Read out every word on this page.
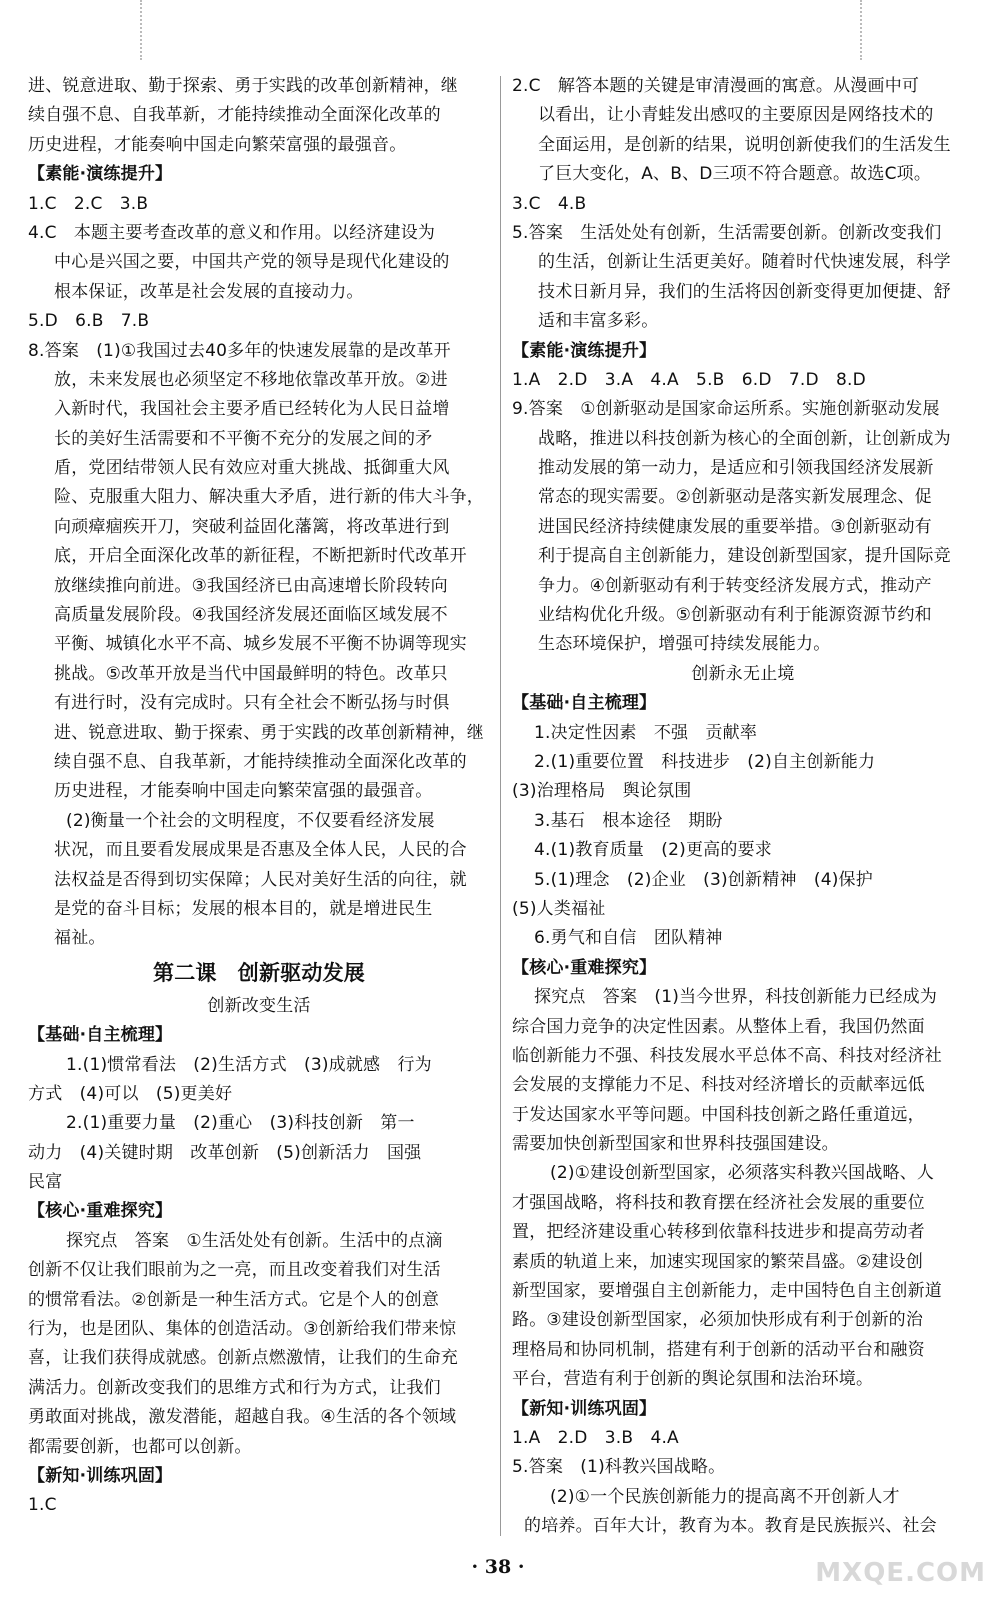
进、锐意进取、勤于探索、勇于实践的改革创新精神，继
续自强不息、自我革新，才能持续推动全面深化改革的
历史进程，才能奏响中国走向繁荣富强的最强音。
【素能·演练提升】
1.C　2.C　3.B
4.C　本题主要考查改革的意义和作用。以经济建设为
中心是兴国之要，中国共产党的领导是现代化建设的
根本保证，改革是社会发展的直接动力。
5.D　6.B　7.B
8.答案　(1)①我国过去40多年的快速发展靠的是改革开
放，未来发展也必须坚定不移地依靠改革开放。②进
入新时代，我国社会主要矛盾已经转化为人民日益增
长的美好生活需要和不平衡不充分的发展之间的矛
盾，党团结带领人民有效应对重大挑战、抵御重大风
险、克服重大阻力、解决重大矛盾，进行新的伟大斗争，
向顽瘴痼疾开刀，突破利益固化藩篱，将改革进行到
底，开启全面深化改革的新征程，不断把新时代改革开
放继续推向前进。③我国经济已由高速增长阶段转向
高质量发展阶段。④我国经济发展还面临区域发展不
平衡、城镇化水平不高、城乡发展不平衡不协调等现实
挑战。⑤改革开放是当代中国最鲜明的特色。改革只
有进行时，没有完成时。只有全社会不断弘扬与时俱
进、锐意进取、勤于探索、勇于实践的改革创新精神，继
续自强不息、自我革新，才能持续推动全面深化改革的
历史进程，才能奏响中国走向繁荣富强的最强音。
(2)衡量一个社会的文明程度，不仅要看经济发展
状况，而且要看发展成果是否惠及全体人民，人民的合
法权益是否得到切实保障；人民对美好生活的向往，就
是党的奋斗目标；发展的根本目的，就是增进民生
福祉。
第二课　创新驱动发展
创新改变生活
【基础·自主梳理】
1.(1)惯常看法　(2)生活方式　(3)成就感　行为
方式　(4)可以　(5)更美好
2.(1)重要力量　(2)重心　(3)科技创新　第一
动力　(4)关键时期　改革创新　(5)创新活力　国强
民富
【核心·重难探究】
探究点　答案　①生活处处有创新。生活中的点滴
创新不仅让我们眼前为之一亮，而且改变着我们对生活
的惯常看法。②创新是一种生活方式。它是个人的创意
行为，也是团队、集体的创造活动。③创新给我们带来惊
喜，让我们获得成就感。创新点燃激情，让我们的生命充
满活力。创新改变我们的思维方式和行为方式，让我们
勇敢面对挑战，激发潜能，超越自我。④生活的各个领域
都需要创新，也都可以创新。
【新知·训练巩固】
1.C
2.C　解答本题的关键是审清漫画的寓意。从漫画中可
以看出，让小青蛙发出感叹的主要原因是网络技术的
全面运用，是创新的结果，说明创新使我们的生活发生
了巨大变化，A、B、D三项不符合题意。故选C项。
3.C　4.B
5.答案　生活处处有创新，生活需要创新。创新改变我们
的生活，创新让生活更美好。随着时代快速发展，科学
技术日新月异，我们的生活将因创新变得更加便捷、舒
适和丰富多彩。
【素能·演练提升】
1.A　2.D　3.A　4.A　5.B　6.D　7.D　8.D
9.答案　①创新驱动是国家命运所系。实施创新驱动发展
战略，推进以科技创新为核心的全面创新，让创新成为
推动发展的第一动力，是适应和引领我国经济发展新
常态的现实需要。②创新驱动是落实新发展理念、促
进国民经济持续健康发展的重要举措。③创新驱动有
利于提高自主创新能力，建设创新型国家，提升国际竞
争力。④创新驱动有利于转变经济发展方式，推动产
业结构优化升级。⑤创新驱动有利于能源资源节约和
生态环境保护，增强可持续发展能力。
创新永无止境
【基础·自主梳理】
1.决定性因素　不强　贡献率
2.(1)重要位置　科技进步　(2)自主创新能力
(3)治理格局　舆论氛围
3.基石　根本途径　期盼
4.(1)教育质量　(2)更高的要求
5.(1)理念　(2)企业　(3)创新精神　(4)保护
(5)人类福祉
6.勇气和自信　团队精神
【核心·重难探究】
探究点　答案　(1)当今世界，科技创新能力已经成为
综合国力竞争的决定性因素。从整体上看，我国仍然面
临创新能力不强、科技发展水平总体不高、科技对经济社
会发展的支撑能力不足、科技对经济增长的贡献率远低
于发达国家水平等问题。中国科技创新之路任重道远，
需要加快创新型国家和世界科技强国建设。
(2)①建设创新型国家，必须落实科教兴国战略、人
才强国战略，将科技和教育摆在经济社会发展的重要位
置，把经济建设重心转移到依靠科技进步和提高劳动者
素质的轨道上来，加速实现国家的繁荣昌盛。②建设创
新型国家，要增强自主创新能力，走中国特色自主创新道
路。③建设创新型国家，必须加快形成有利于创新的治
理格局和协同机制，搭建有利于创新的活动平台和融资
平台，营造有利于创新的舆论氛围和法治环境。
【新知·训练巩固】
1.A　2.D　3.B　4.A
5.答案　(1)科教兴国战略。
(2)①一个民族创新能力的提高离不开创新人才
的培养。百年大计，教育为本。教育是民族振兴、社会
· 38 ·	MXQE.COM
